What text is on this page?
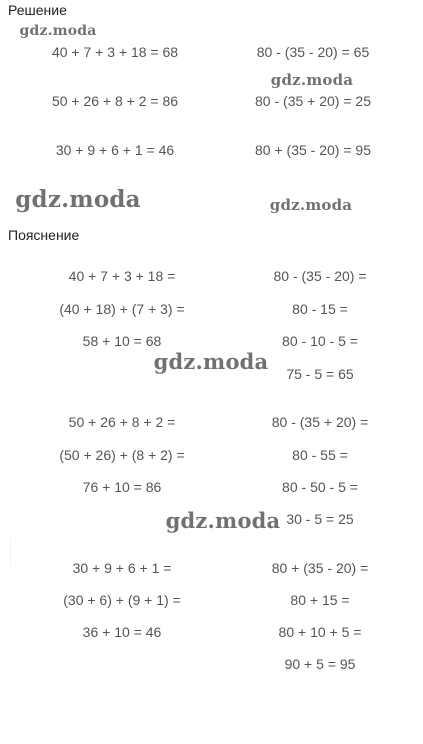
Решение
40 + 7 + 3 + 18 = 68
50 + 26 + 8 + 2 = 86
30 + 9 + 6 + 1 = 46
80 - (35 - 20) = 65
80 - (35 + 20) = 25
80 + (35 - 20) = 95
Пояснение
40 + 7 + 3 + 18 =
(40 + 18) + (7 + 3) =
58 + 10 = 68
80 - (35 - 20) =
80 - 15 =
80 - 10 - 5 =
75 - 5 = 65
50 + 26 + 8 + 2 =
(50 + 26) + (8 + 2) =
76 + 10 = 86
80 - (35 + 20) =
80 - 55 =
80 - 50 - 5 =
30 - 5 = 25
30 + 9 + 6 + 1 =
(30 + 6) + (9 + 1) =
36 + 10 = 46
80 + (35 - 20) =
80 + 15 =
80 + 10 + 5 =
90 + 5 = 95
gdz.moda
gdz.moda
gdz.moda	gdz.moda
gdz.moda
gdz.moda
